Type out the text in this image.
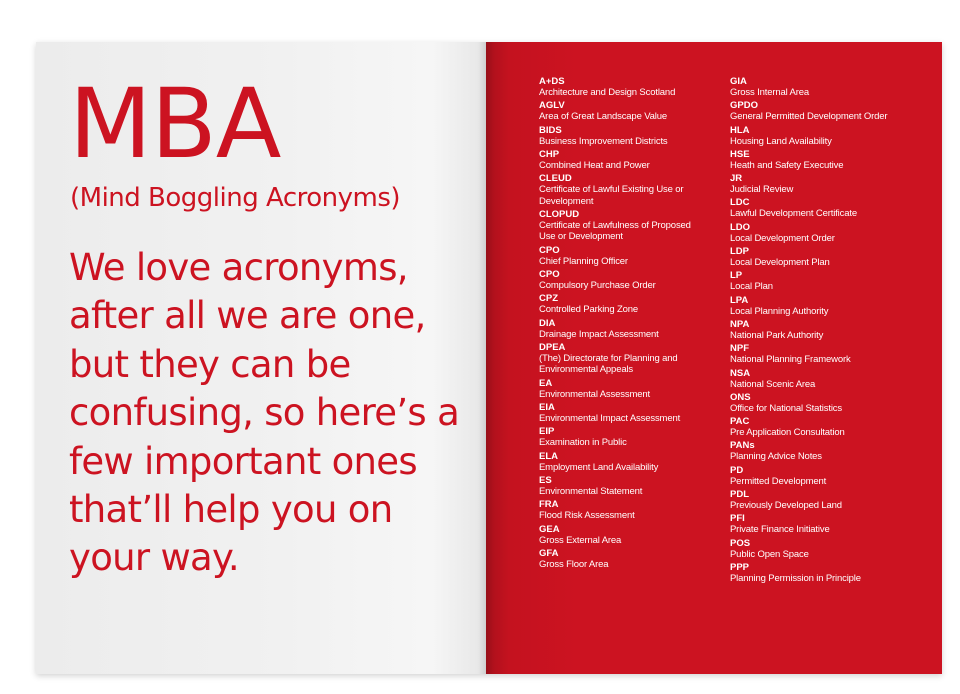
MBA

(Mind Boggling Acronyms)

We love acronyms, after all we are one, but they can be confusing, so here’s a few important ones that’ll help you on your way.

A+DS
Architecture and Design Scotland
AGLV
Area of Great Landscape Value
BIDS
Business Improvement Districts
CHP
Combined Heat and Power
CLEUD
Certificate of Lawful Existing Use or Development
CLOPUD
Certificate of Lawfulness of Proposed Use or Development
CPO
Chief Planning Officer
CPO
Compulsory Purchase Order
CPZ
Controlled Parking Zone
DIA
Drainage Impact Assessment
DPEA
(The) Directorate for Planning and Environmental Appeals
EA
Environmental Assessment
EIA
Environmental Impact Assessment
EIP
Examination in Public
ELA
Employment Land Availability
ES
Environmental Statement
FRA
Flood Risk Assessment
GEA
Gross External Area
GFA
Gross Floor Area
GIA
Gross Internal Area
GPDO
General Permitted Development Order
HLA
Housing Land Availability
HSE
Heath and Safety Executive
JR
Judicial Review
LDC
Lawful Development Certificate
LDO
Local Development Order
LDP
Local Development Plan
LP
Local Plan
LPA
Local Planning Authority
NPA
National Park Authority
NPF
National Planning Framework
NSA
National Scenic Area
ONS
Office for National Statistics
PAC
Pre Application Consultation
PANs
Planning Advice Notes
PD
Permitted Development
PDL
Previously Developed Land
PFI
Private Finance Initiative
POS
Public Open Space
PPP
Planning Permission in Principle
